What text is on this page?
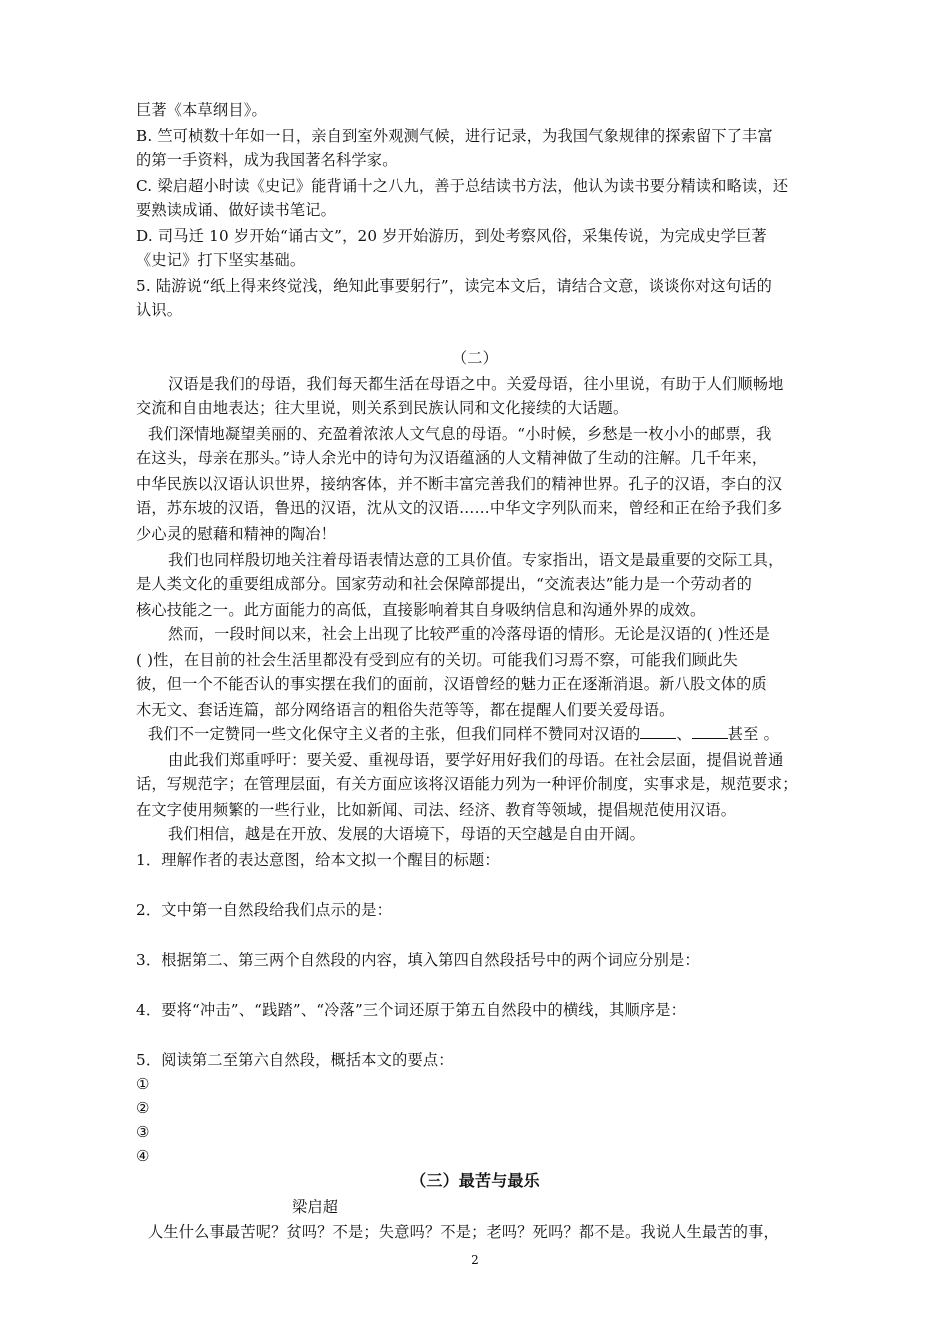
巨著《本草纲目》。
B. 竺可桢数十年如一日，亲自到室外观测气候，进行记录，为我国气象规律的探索留下了丰富
的第一手资料，成为我国著名科学家。
C. 梁启超小时读《史记》能背诵十之八九，善于总结读书方法，他认为读书要分精读和略读，还
要熟读成诵、做好读书笔记。
D. 司马迁 10 岁开始“诵古文”，20 岁开始游历，到处考察风俗，采集传说，为完成史学巨著
《史记》打下坚实基础。
5. 陆游说“纸上得来终觉浅，绝知此事要躬行”，读完本文后，请结合文意，谈谈你对这句话的
认识。
（二）
汉语是我们的母语，我们每天都生活在母语之中。关爱母语，往小里说，有助于人们顺畅地
交流和自由地表达；往大里说，则关系到民族认同和文化接续的大话题。
我们深情地凝望美丽的、充盈着浓浓人文气息的母语。“小时候，乡愁是一枚小小的邮票，我
在这头，母亲在那头。”诗人余光中的诗句为汉语蕴涵的人文精神做了生动的注解。几千年来，
中华民族以汉语认识世界，接纳客体，并不断丰富完善我们的精神世界。孔子的汉语，李白的汉
语，苏东坡的汉语，鲁迅的汉语，沈从文的汉语……中华文字列队而来，曾经和正在给予我们多
少心灵的慰藉和精神的陶冶！
我们也同样殷切地关注着母语表情达意的工具价值。专家指出，语文是最重要的交际工具，
是人类文化的重要组成部分。国家劳动和社会保障部提出，“交流表达”能力是一个劳动者的
核心技能之一。此方面能力的高低，直接影响着其自身吸纳信息和沟通外界的成效。
然而，一段时间以来，社会上出现了比较严重的冷落母语的情形。无论是汉语的( )性还是
( )性，在目前的社会生活里都没有受到应有的关切。可能我们习焉不察，可能我们顾此失
彼，但一个不能否认的事实摆在我们的面前，汉语曾经的魅力正在逐渐消退。新八股文体的质
木无文、套话连篇，部分网络语言的粗俗失范等等，都在提醒人们要关爱母语。
我们不一定赞同一些文化保守主义者的主张，但我们同样不赞同对汉语的 、 甚至 。
由此我们郑重呼吁：要关爱、重视母语，要学好用好我们的母语。在社会层面，提倡说普通
话，写规范字；在管理层面，有关方面应该将汉语能力列为一种评价制度，实事求是，规范要求；
在文字使用频繁的一些行业，比如新闻、司法、经济、教育等领域，提倡规范使用汉语。
我们相信，越是在开放、发展的大语境下，母语的天空越是自由开阔。
1．理解作者的表达意图，给本文拟一个醒目的标题：
2．文中第一自然段给我们点示的是：
3．根据第二、第三两个自然段的内容，填入第四自然段括号中的两个词应分别是：
4．要将“冲击”、“践踏”、“冷落”三个词还原于第五自然段中的横线，其顺序是：
5．阅读第二至第六自然段，概括本文的要点：
①
②
③
④
（三）最苦与最乐
梁启超
人生什么事最苦呢？贫吗？不是；失意吗？不是；老吗？死吗？都不是。我说人生最苦的事，
2
